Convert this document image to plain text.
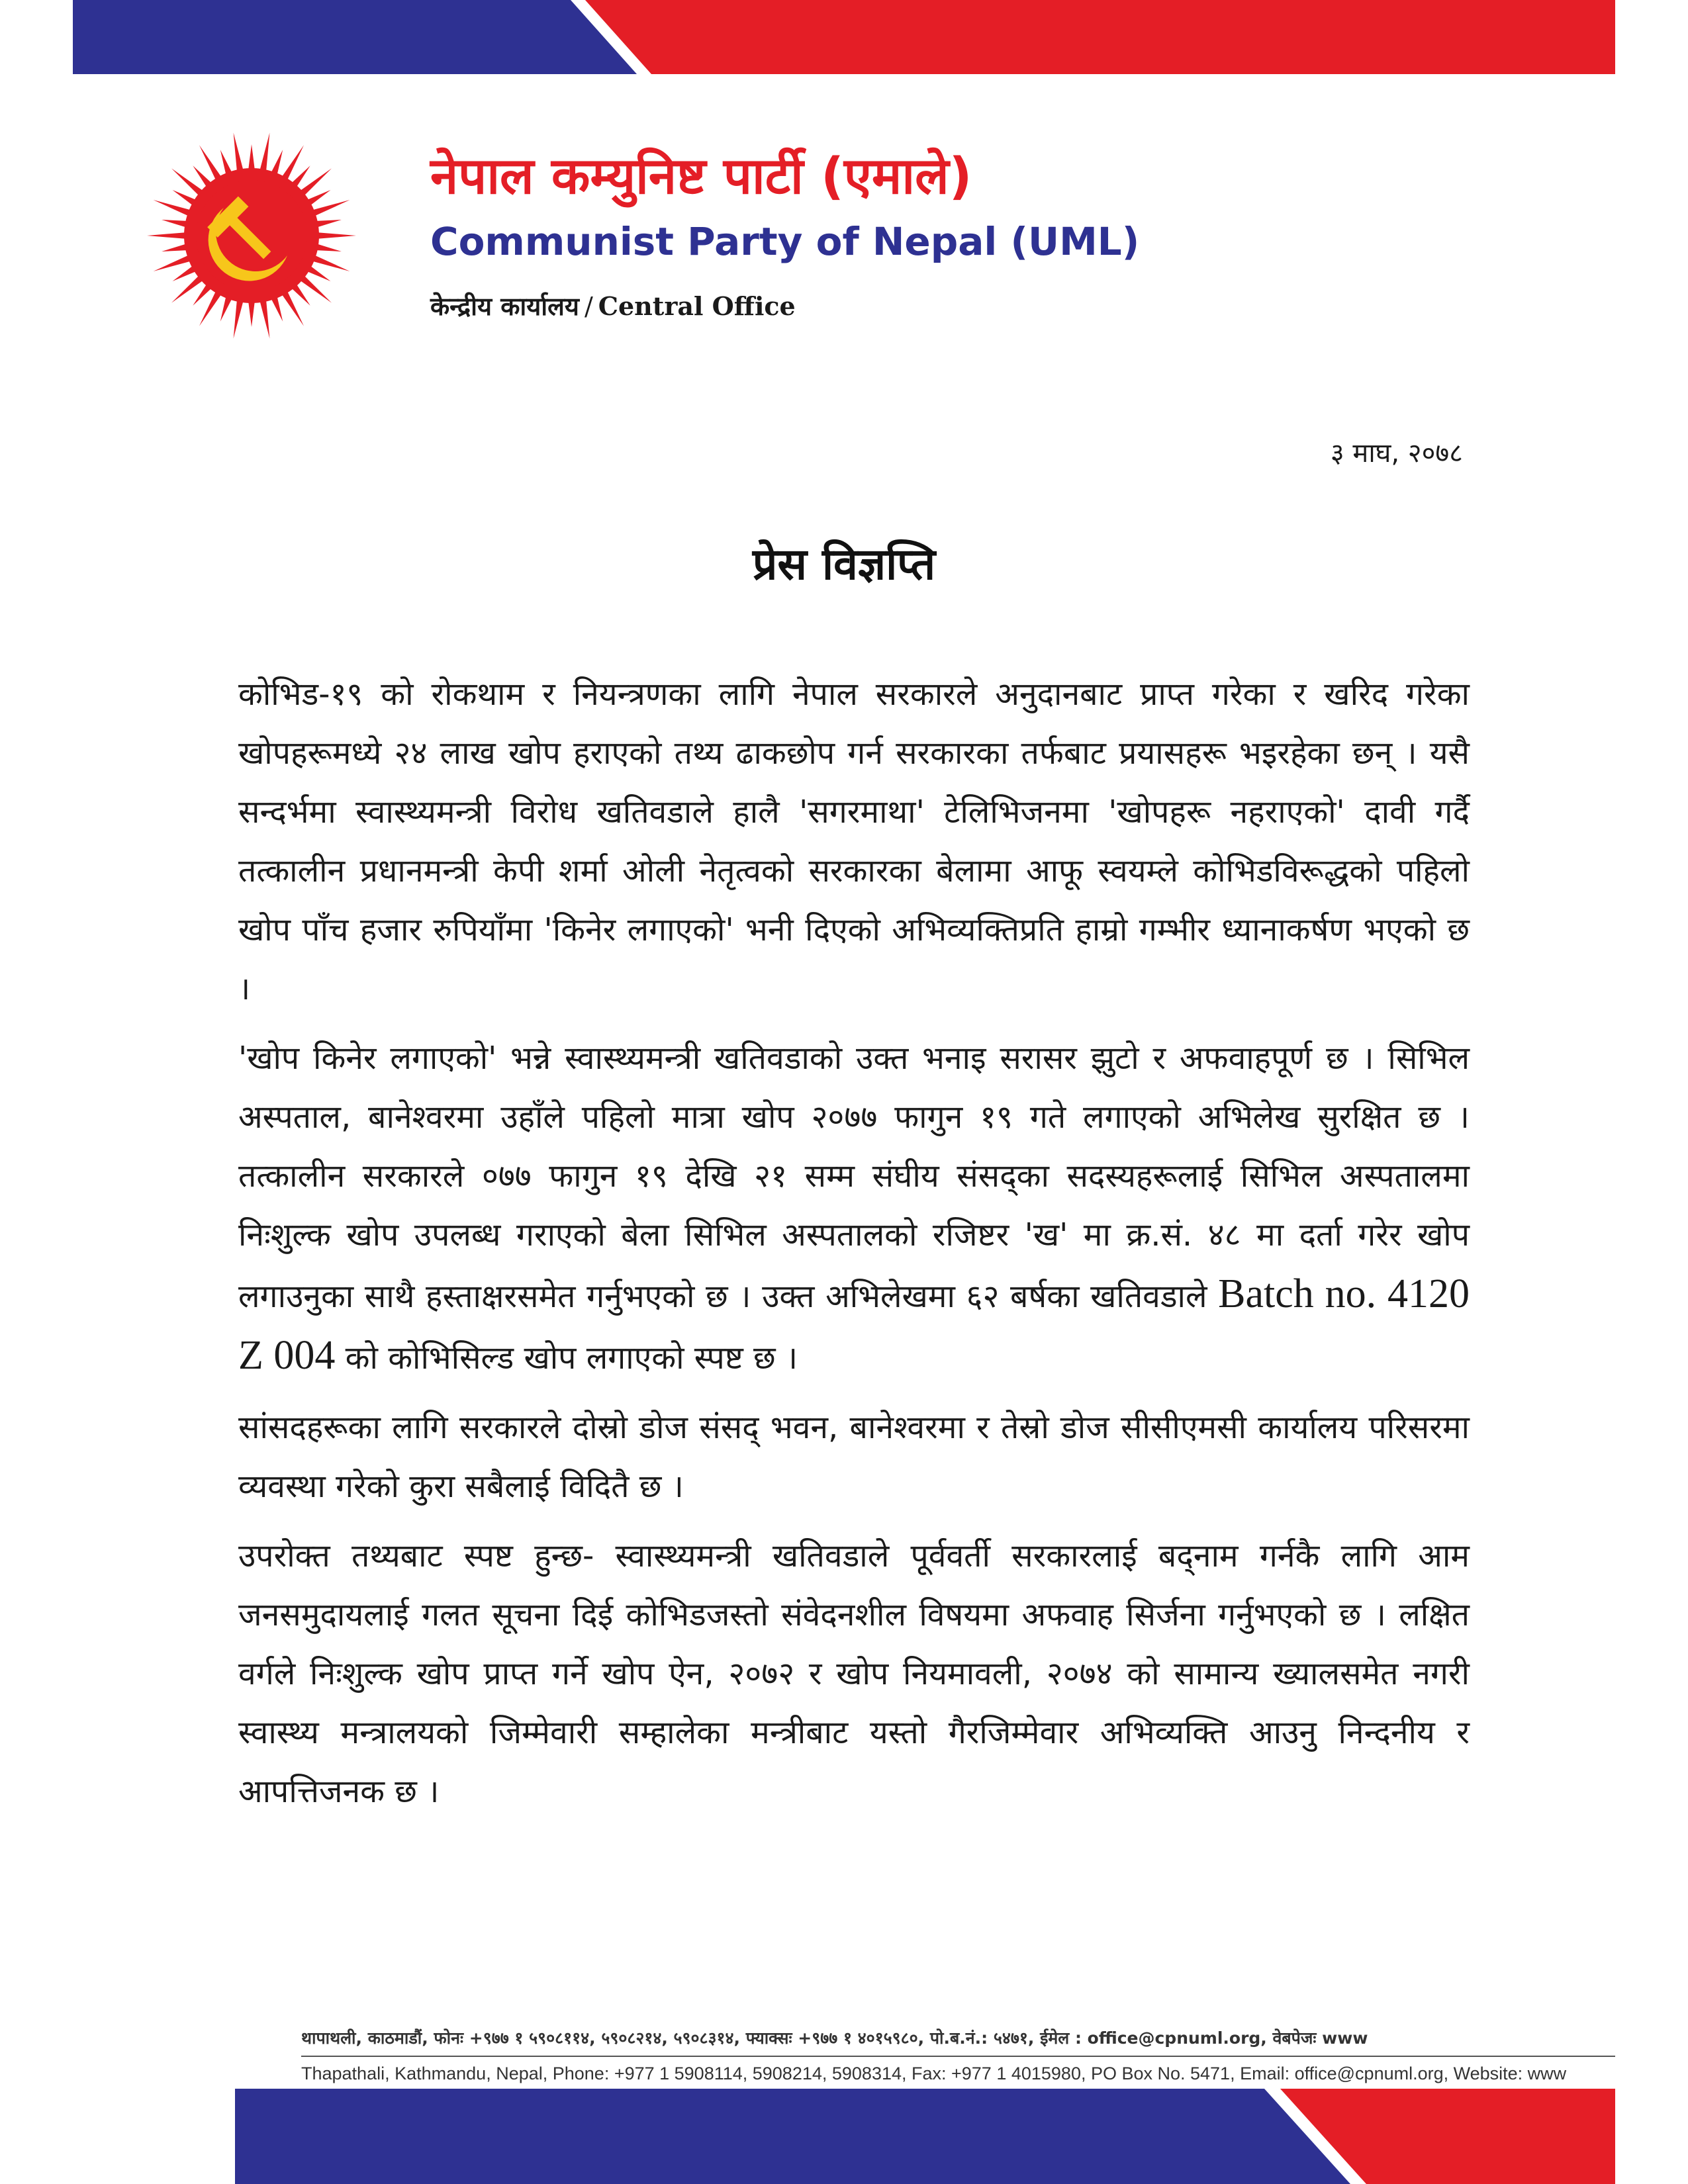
नेपाल कम्युनिष्ट पार्टी (एमाले)
Communist Party of Nepal (UML)
केन्द्रीय कार्यालय / Central Office
३ माघ, २०७८
प्रेस विज्ञप्ति

कोभिड-१९ को रोकथाम र नियन्त्रणका लागि नेपाल सरकारले अनुदानबाट प्राप्त गरेका र खरिद गरेका खोपहरूमध्ये २४ लाख खोप हराएको तथ्य ढाकछोप गर्न सरकारका तर्फबाट प्रयासहरू भइरहेका छन् । यसै सन्दर्भमा स्वास्थ्यमन्त्री विरोध खतिवडाले हालै 'सगरमाथा' टेलिभिजनमा 'खोपहरू नहराएको' दावी गर्दै तत्कालीन प्रधानमन्त्री केपी शर्मा ओली नेतृत्वको सरकारका बेलामा आफू स्वयम्ले कोभिडविरूद्धको पहिलो खोप पाँच हजार रुपियाँमा 'किनेर लगाएको' भनी दिएको अभिव्यक्तिप्रति हाम्रो गम्भीर ध्यानाकर्षण भएको छ ।

'खोप किनेर लगाएको' भन्ने स्वास्थ्यमन्त्री खतिवडाको उक्त भनाइ सरासर झुटो र अफवाहपूर्ण छ । सिभिल अस्पताल, बानेश्वरमा उहाँले पहिलो मात्रा खोप २०७७ फागुन १९ गते लगाएको अभिलेख सुरक्षित छ । तत्कालीन सरकारले ०७७ फागुन १९ देखि २१ सम्म संघीय संसद्का सदस्यहरूलाई सिभिल अस्पतालमा निःशुल्क खोप उपलब्ध गराएको बेला सिभिल अस्पतालको रजिष्टर 'ख' मा क्र.सं. ४८ मा दर्ता गरेर खोप लगाउनुका साथै हस्ताक्षरसमेत गर्नुभएको छ । उक्त अभिलेखमा ६२ बर्षका खतिवडाले Batch no. 4120 Z 004 को कोभिसिल्ड खोप लगाएको स्पष्ट छ ।

सांसदहरूका लागि सरकारले दोस्रो डोज संसद् भवन, बानेश्वरमा र तेस्रो डोज सीसीएमसी कार्यालय परिसरमा व्यवस्था गरेको कुरा सबैलाई विदितै छ ।

उपरोक्त तथ्यबाट स्पष्ट हुन्छ- स्वास्थ्यमन्त्री खतिवडाले पूर्ववर्ती सरकारलाई बद्नाम गर्नकै लागि आम जनसमुदायलाई गलत सूचना दिई कोभिडजस्तो संवेदनशील विषयमा अफवाह सिर्जना गर्नुभएको छ । लक्षित वर्गले निःशुल्क खोप प्राप्त गर्ने खोप ऐन, २०७२ र खोप नियमावली, २०७४ को सामान्य ख्यालसमेत नगरी स्वास्थ्य मन्त्रालयको जिम्मेवारी सम्हालेका मन्त्रीबाट यस्तो गैरजिम्मेवार अभिव्यक्ति आउनु निन्दनीय र आपत्तिजनक छ ।

थापाथली, काठमाडौं, फोनः +९७७ १ ५९०८११४, ५९०८२१४, ५९०८३१४, फ्याक्सः +९७७ १ ४०१५९८०, पो.ब.नं.: ५४७१, ईमेल : office@cpnuml.org, वेबपेजः www
Thapathali, Kathmandu, Nepal, Phone: +977 1 5908114, 5908214, 5908314, Fax: +977 1 4015980, PO Box No. 5471, Email: office@cpnuml.org, Website: www
